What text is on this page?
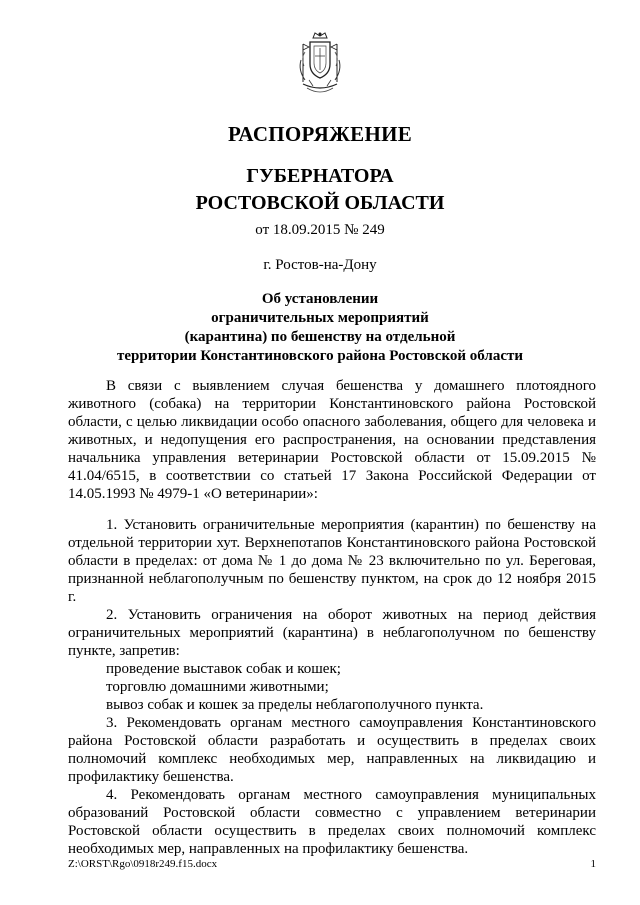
РАСПОРЯЖЕНИЕ
ГУБЕРНАТОРА
РОСТОВСКОЙ ОБЛАСТИ
от 18.09.2015 № 249
г. Ростов-на-Дону
Об установлении
ограничительных мероприятий
(карантина) по бешенству на отдельной
территории Константиновского района Ростовской области

В связи с выявлением случая бешенства у домашнего плотоядного животного (собака) на территории Константиновского района Ростовской области, с целью ликвидации особо опасного заболевания, общего для человека и животных, и недопущения его распространения, на основании представления начальника управления ветеринарии Ростовской области от 15.09.2015 № 41.04/6515, в соответствии со статьей 17 Закона Российской Федерации от 14.05.1993 № 4979-1 «О ветеринарии»:

1. Установить ограничительные мероприятия (карантин) по бешенству на отдельной территории хут. Верхнепотапов Константиновского района Ростовской области в пределах: от дома № 1 до дома № 23 включительно по ул. Береговая, признанной неблагополучным по бешенству пунктом, на срок до 12 ноября 2015 г.

2. Установить ограничения на оборот животных на период действия ограничительных мероприятий (карантина) в неблагополучном по бешенству пункте, запретив:

проведение выставок собак и кошек;

торговлю домашними животными;

вывоз собак и кошек за пределы неблагополучного пункта.

3. Рекомендовать органам местного самоуправления Константиновского района Ростовской области разработать и осуществить в пределах своих полномочий комплекс необходимых мер, направленных на ликвидацию и профилактику бешенства.

4. Рекомендовать органам местного самоуправления муниципальных образований Ростовской области совместно с управлением ветеринарии Ростовской области осуществить в пределах своих полномочий комплекс необходимых мер, направленных на профилактику бешенства.

Z:\ORST\Rgo\0918r249.f15.docx	1
